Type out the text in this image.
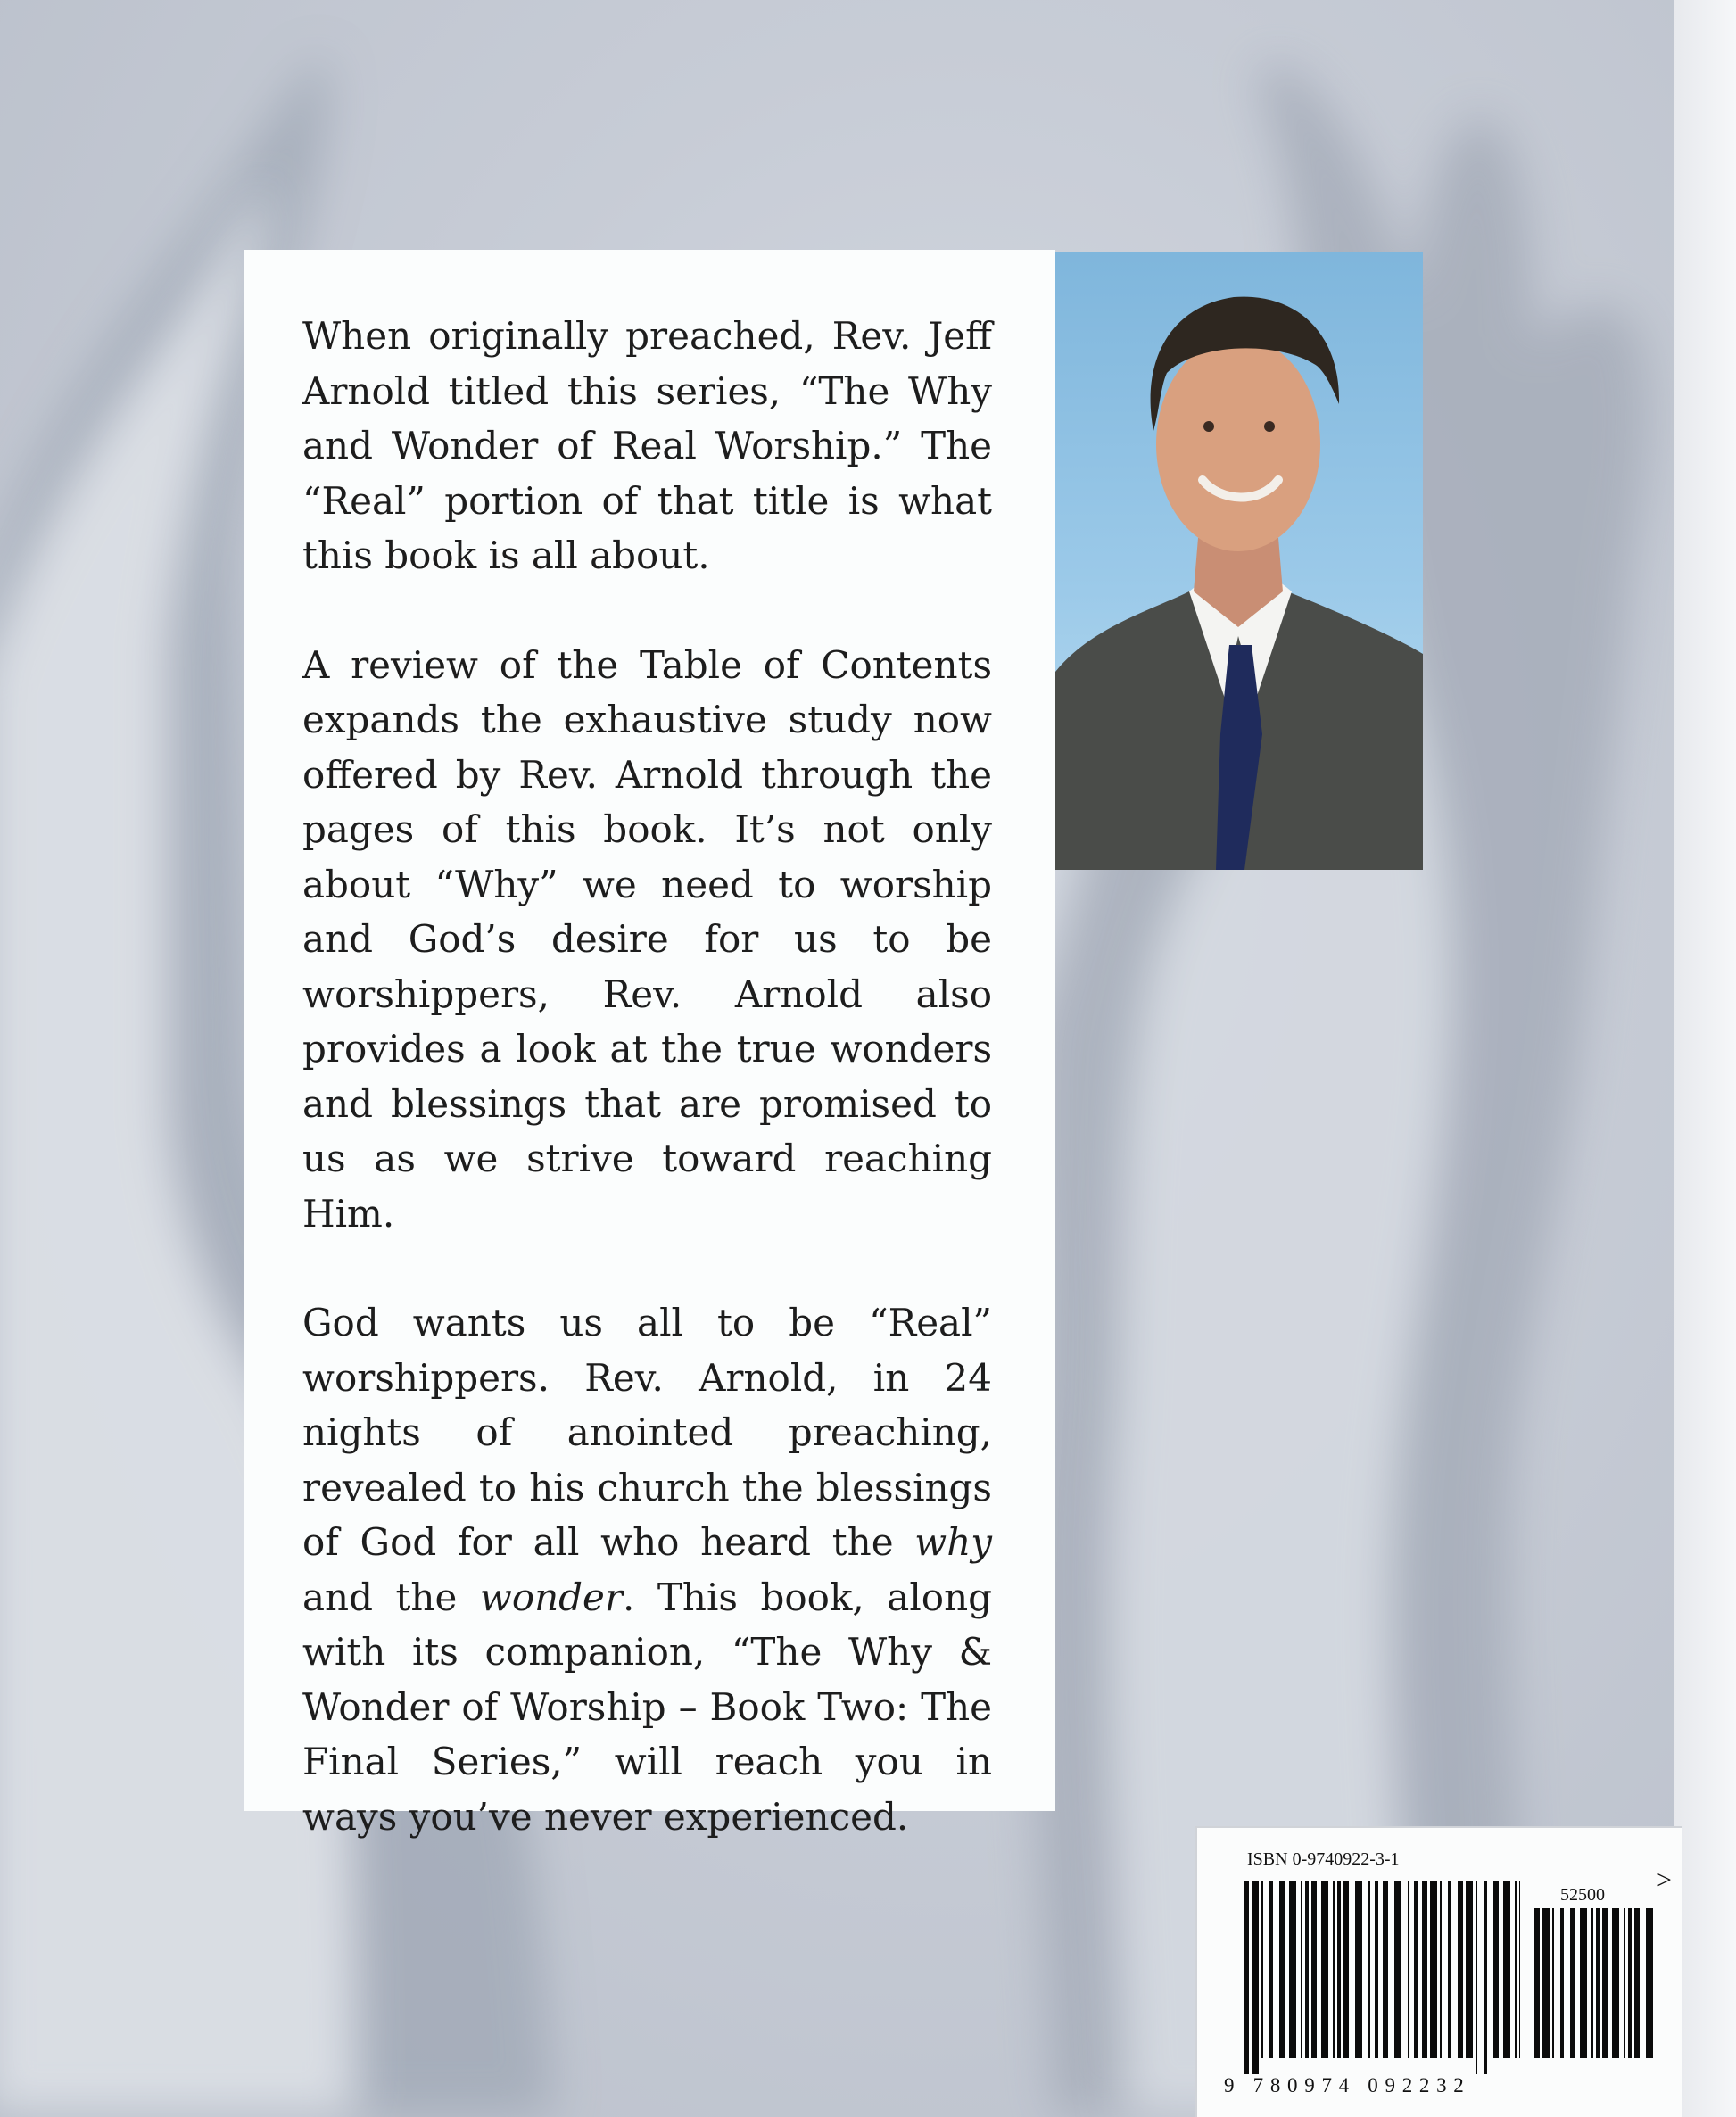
When originally preached, Rev. Jeff Arnold titled this series, “The Why and Wonder of Real Worship.” The “Real” portion of that title is what this book is all about.

A review of the Table of Contents expands the exhaustive study now offered by Rev. Arnold through the pages of this book. It’s not only about “Why” we need to worship and God’s desire for us to be worshippers, Rev. Arnold also provides a look at the true wonders and blessings that are promised to us as we strive toward reaching Him.

God wants us all to be “Real” worshippers. Rev. Arnold, in 24 nights of anointed preaching, revealed to his church the blessings of God for all who heard the why and the wonder. This book, along with its companion, “The Why & Wonder of Worship – Book Two: The Final Series,” will reach you in ways you’ve never experienced.

ISBN 0-9740922-3-1
52500 >
9 780974 092232
